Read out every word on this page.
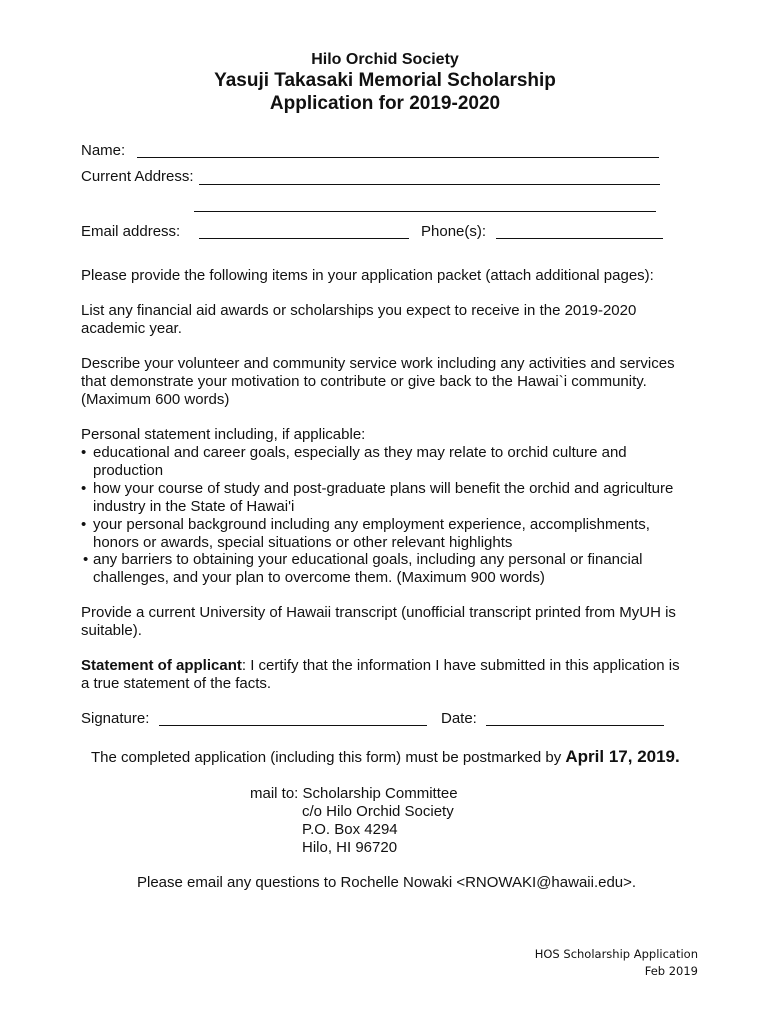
Hilo Orchid Society
Yasuji Takasaki Memorial Scholarship
Application for 2019-2020
Name:
Current Address:
Email address:	Phone(s):
Please provide the following items in your application packet (attach additional pages):
List any financial aid awards or scholarships you expect to receive in the 2019-2020
academic year.
Describe your volunteer and community service work including any activities and services
that demonstrate your motivation to contribute or give back to the Hawai`i community.
(Maximum 600 words)
Personal statement including, if applicable:
• educational and career goals, especially as they may relate to orchid culture and
production
• how your course of study and post-graduate plans will benefit the orchid and agriculture
industry in the State of Hawai'i
• your personal background including any employment experience, accomplishments,
honors or awards, special situations or other relevant highlights
• any barriers to obtaining your educational goals, including any personal or financial
challenges, and your plan to overcome them. (Maximum 900 words)
Provide a current University of Hawaii transcript (unofficial transcript printed from MyUH is
suitable).
Statement of applicant: I certify that the information I have submitted in this application is
a true statement of the facts.
Signature:	Date:
The completed application (including this form) must be postmarked by April 17, 2019.
mail to: Scholarship Committee
c/o Hilo Orchid Society
P.O. Box 4294
Hilo, HI 96720
Please email any questions to Rochelle Nowaki <RNOWAKI@hawaii.edu>.
HOS Scholarship Application
Feb 2019
